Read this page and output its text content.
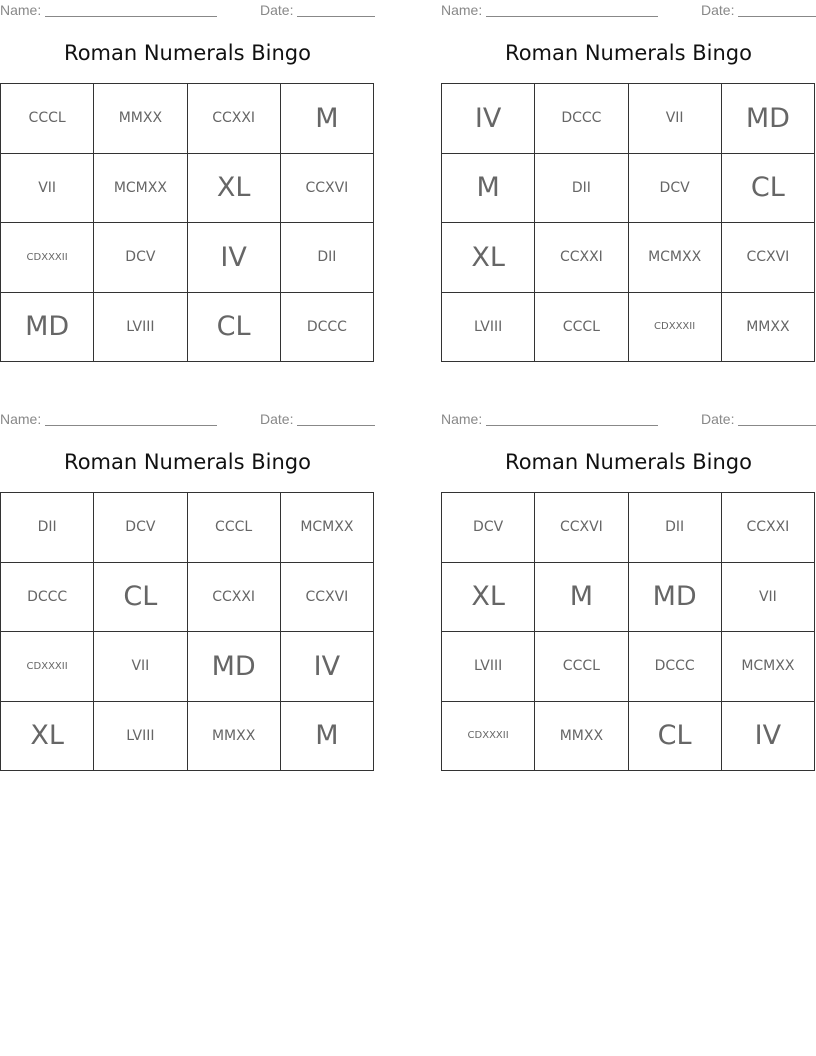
Name:	Date:
Roman Numerals Bingo
CCCL	MMXX	CCXXI	M
VII	MCMXX	XL	CCXVI
CDXXXII	DCV	IV	DII
MD	LVIII	CL	DCCC
Name:	Date:
Roman Numerals Bingo
IV	DCCC	VII	MD
M	DII	DCV	CL
XL	CCXXI	MCMXX	CCXVI
LVIII	CCCL	CDXXXII	MMXX
Name:	Date:
Roman Numerals Bingo
DII	DCV	CCCL	MCMXX
DCCC	CL	CCXXI	CCXVI
CDXXXII	VII	MD	IV
XL	LVIII	MMXX	M
Name:	Date:
Roman Numerals Bingo
DCV	CCXVI	DII	CCXXI
XL	M	MD	VII
LVIII	CCCL	DCCC	MCMXX
CDXXXII	MMXX	CL	IV
